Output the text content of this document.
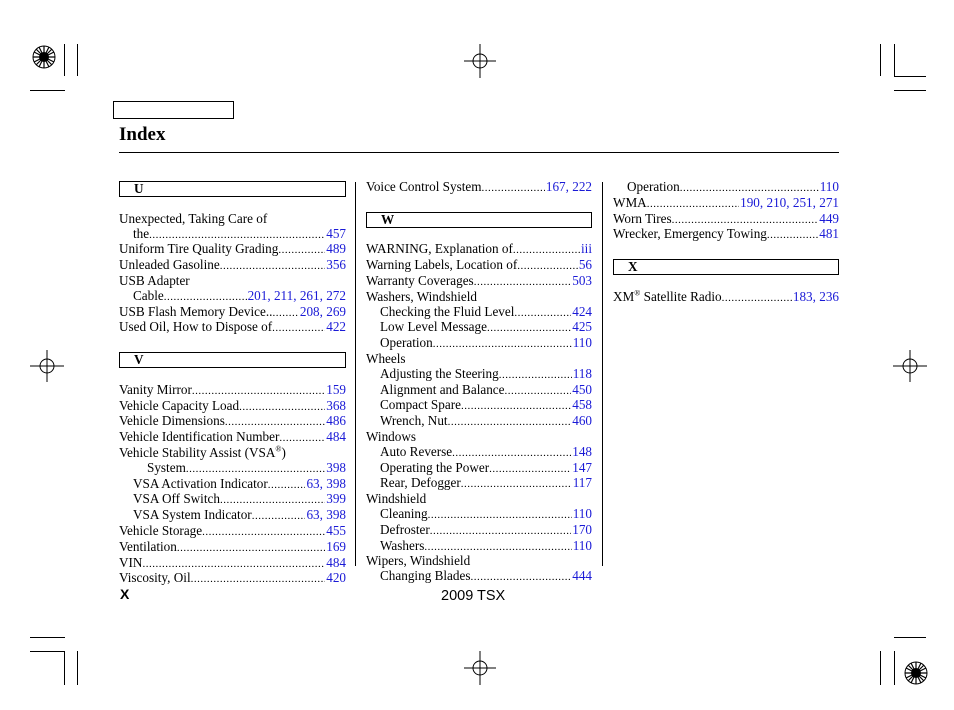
Index
U
Unexpected, Taking Care of
the .....	457
Uniform Tire Quality Grading .....	489
Unleaded Gasoline .....	356
USB Adapter
Cable .....	201, 211, 261, 272
USB Flash Memory Device.. ..... 208, 269
Used Oil, How to Dispose of .....	422
V
Vanity Mirror .....	159
Vehicle Capacity Load .....	368
Vehicle Dimensions .....	486
Vehicle Identification Number .....	484
Vehicle Stability Assist (VSA®)
System .....	398
VSA Activation Indicator .....	63, 398
VSA Off Switch .....	399
VSA System Indicator .....	63, 398
Vehicle Storage .....	455
Ventilation .....	169
VIN .....	484
Viscosity, Oil .....	420
Voice Control System .....	167, 222
W
WARNING, Explanation of .....	iii
Warning Labels, Location of .....	56
Warranty Coverages .....	503
Washers, Windshield
Checking the Fluid Level .....	424
Low Level Message .....	425
Operation .....	110
Wheels
Adjusting the Steering .....	118
Alignment and Balance .....	450
Compact Spare .....	458
Wrench, Nut .....	460
Windows
Auto Reverse .....	148
Operating the Power .....	147
Rear, Defogger .....	117
Windshield
Cleaning .....	110
Defroster .....	170
Washers .....	110
Wipers, Windshield
Changing Blades .....	444
Operation .....	110
WMA .....	190, 210, 251, 271
Worn Tires .....	449
Wrecker, Emergency Towing .....	481
X
XM® Satellite Radio .....	183, 236
X	2009 TSX
